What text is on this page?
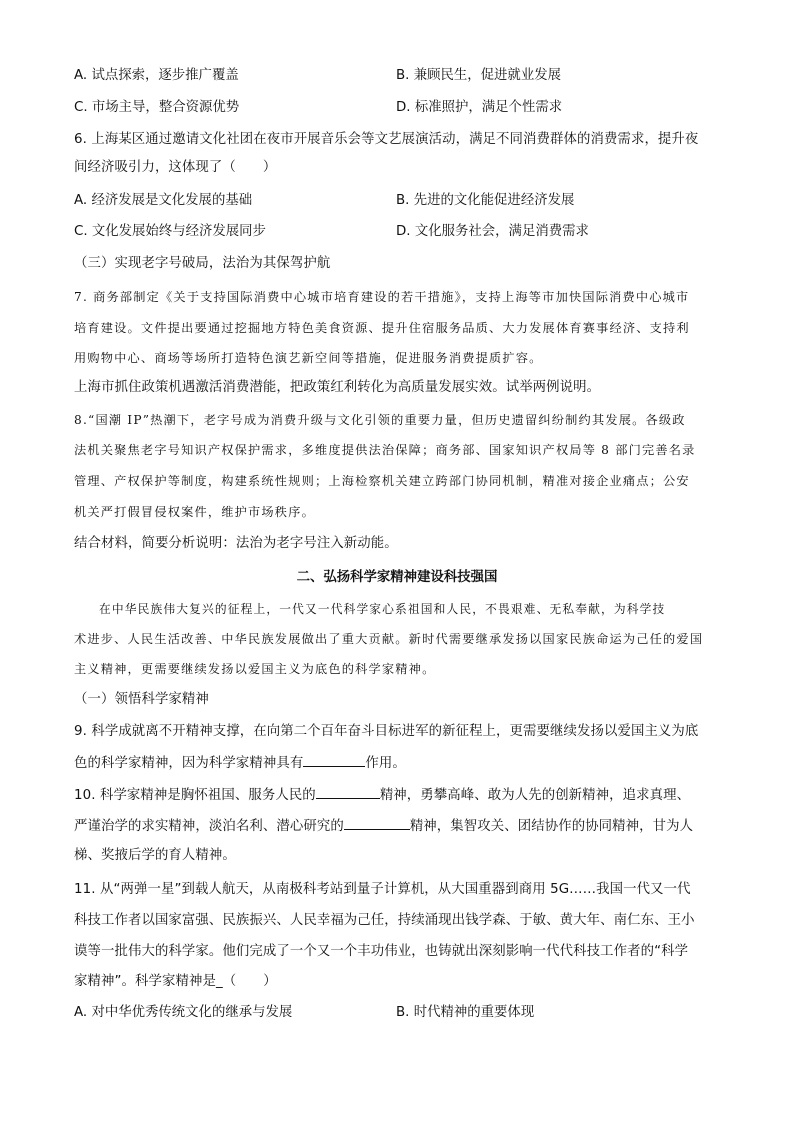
A. 试点探索，逐步推广覆盖	B. 兼顾民生，促进就业发展
C. 市场主导，整合资源优势	D. 标准照护，满足个性需求
6. 上海某区通过邀请文化社团在夜市开展音乐会等文艺展演活动，满足不同消费群体的消费需求，提升夜
间经济吸引力，这体现了（　　）
A. 经济发展是文化发展的基础	B. 先进的文化能促进经济发展
C. 文化发展始终与经济发展同步	D. 文化服务社会，满足消费需求
（三）实现老字号破局，法治为其保驾护航
7. 商务部制定《关于支持国际消费中心城市培育建设的若干措施》，支持上海等市加快国际消费中心城市
培育建设。文件提出要通过挖掘地方特色美食资源、提升住宿服务品质、大力发展体育赛事经济、支持利
用购物中心、商场等场所打造特色演艺新空间等措施，促进服务消费提质扩容。
上海市抓住政策机遇激活消费潜能，把政策红利转化为高质量发展实效。试举两例说明。
8.“国潮 IP”热潮下，老字号成为消费升级与文化引领的重要力量，但历史遗留纠纷制约其发展。各级政
法机关聚焦老字号知识产权保护需求，多维度提供法治保障；商务部、国家知识产权局等 8 部门完善名录
管理、产权保护等制度，构建系统性规则；上海检察机关建立跨部门协同机制，精准对接企业痛点；公安
机关严打假冒侵权案件，维护市场秩序。
结合材料，简要分析说明：法治为老字号注入新动能。
二、弘扬科学家精神建设科技强国
在中华民族伟大复兴的征程上，一代又一代科学家心系祖国和人民，不畏艰难、无私奉献，为科学技
术进步、人民生活改善、中华民族发展做出了重大贡献。新时代需要继承发扬以国家民族命运为己任的爱国
主义精神，更需要继续发扬以爱国主义为底色的科学家精神。
（一）领悟科学家精神
9. 科学成就离不开精神支撑，在向第二个百年奋斗目标进军的新征程上，更需要继续发扬以爱国主义为底
色的科学家精神，因为科学家精神具有	作用。
10. 科学家精神是胸怀祖国、服务人民的	精神，勇攀高峰、敢为人先的创新精神，追求真理、
严谨治学的求实精神，淡泊名利、潜心研究的	精神，集智攻关、团结协作的协同精神，甘为人
梯、奖掖后学的育人精神。
11. 从“两弹一星”到载人航天，从南极科考站到量子计算机，从大国重器到商用 5G……我国一代又一代
科技工作者以国家富强、民族振兴、人民幸福为己任，持续涌现出钱学森、于敏、黄大年、南仁东、王小
谟等一批伟大的科学家。他们完成了一个又一个丰功伟业，也铸就出深刻影响一代代科技工作者的“科学
家精神”。科学家精神是_（　　）
A. 对中华优秀传统文化的继承与发展	B. 时代精神的重要体现
